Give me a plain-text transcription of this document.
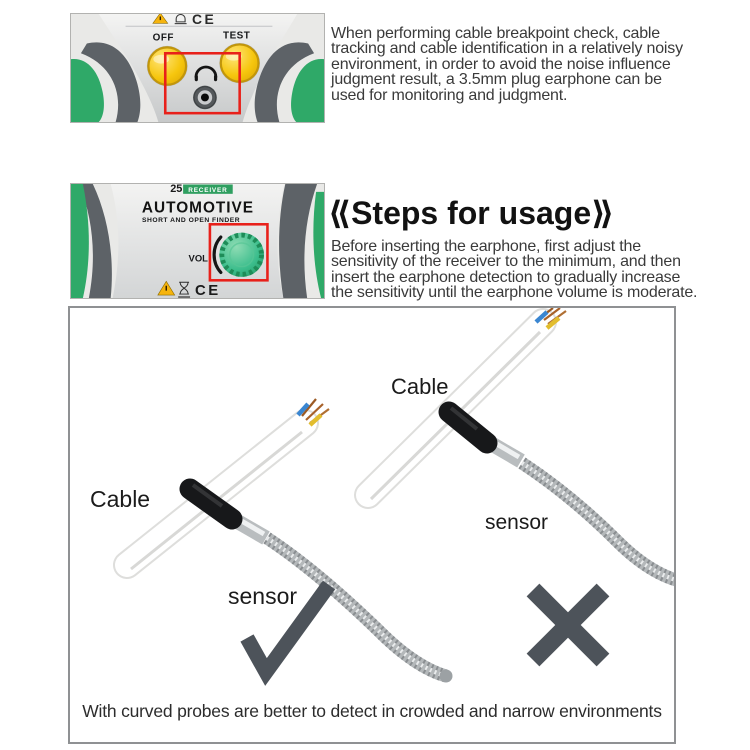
CE
OFF	TEST	When performing cable breakpoint check, cable
tracking and cable identification in a relatively noisy
environment, in order to avoid the noise influence
judgment result, a 3.5mm plug earphone can be
used for monitoring and judgment.
25 RECEIVER
AUTOMOTIVE
SHORT AND OPEN FINDER
VOL
CE
⟪Steps for usage⟫
Before inserting the earphone, first adjust the
sensitivity of the receiver to the minimum, and then
insert the earphone detection to gradually increase
the sensitivity until the earphone volume is moderate.
Cable
Cable
sensor
sensor
With curved probes are better to detect in crowded and narrow environments
